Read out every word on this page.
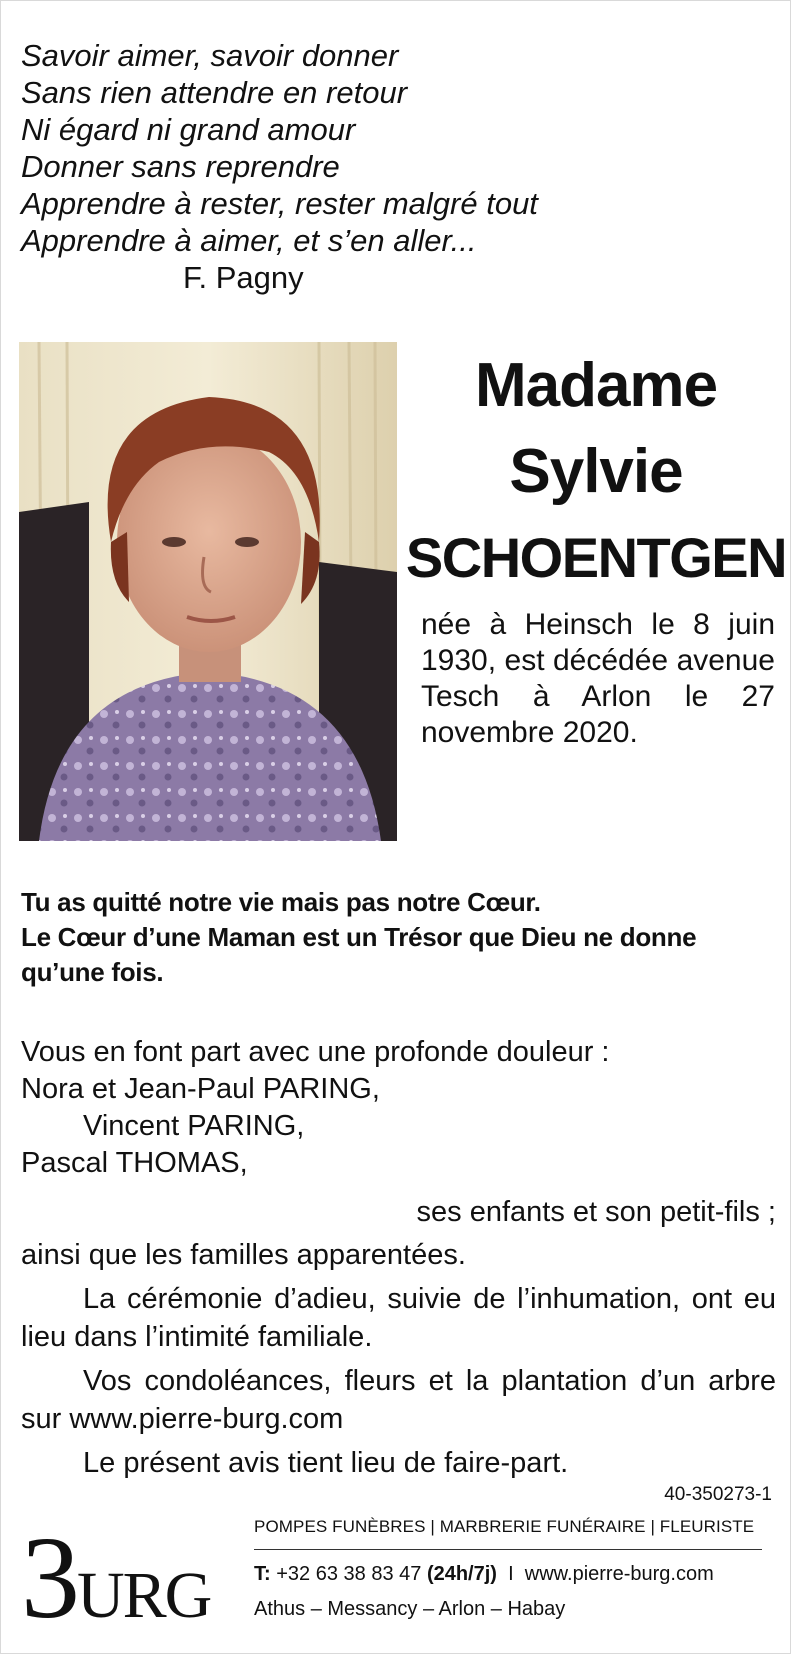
Savoir aimer, savoir donner
Sans rien attendre en retour
Ni égard ni grand amour
Donner sans reprendre
Apprendre à rester, rester malgré tout
Apprendre à aimer, et s’en aller...
F. Pagny
Madame
Sylvie
SCHOENTGEN
née à Heinsch le 8 juin 1930, est décédée avenue Tesch à Arlon le 27 novembre 2020.
Tu as quitté notre vie mais pas notre Cœur.
Le Cœur d’une Maman est un Trésor que Dieu ne donne qu’une fois.
Vous en font part avec une profonde douleur :
Nora et Jean-Paul PARING,
Vincent PARING,
Pascal THOMAS,
ses enfants et son petit-fils ;
ainsi que les familles apparentées.
La cérémonie d’adieu, suivie de l’inhumation, ont eu lieu dans l’intimité familiale.
Vos condoléances, fleurs et la plantation d’un arbre sur www.pierre-burg.com
Le présent avis tient lieu de faire-part.
40-350273-1
3
URG
POMPES FUNÈBRES | MARBRERIE FUNÉRAIRE | FLEURISTE
T: +32 63 38 83 47 (24h/7j) I www.pierre-burg.com
Athus – Messancy – Arlon – Habay
